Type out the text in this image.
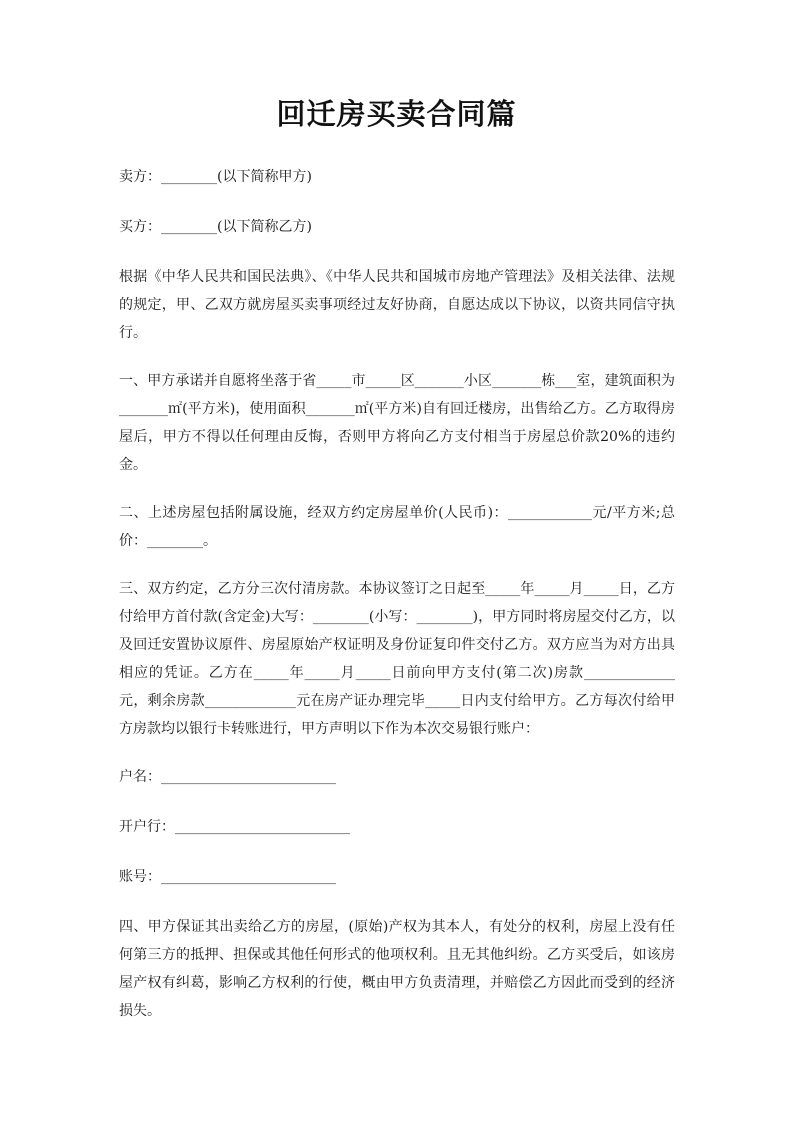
回迁房买卖合同篇

卖方：________(以下简称甲方)

买方：________(以下简称乙方)

根据《中华人民共和国民法典》、《中华人民共和国城市房地产管理法》及相关法律、法规的规定，甲、乙双方就房屋买卖事项经过友好协商，自愿达成以下协议，以资共同信守执行。

一、甲方承诺并自愿将坐落于省_____市_____区_______小区_______栋___室，建筑面积为_______㎡(平方米)，使用面积_______㎡(平方米)自有回迁楼房，出售给乙方。乙方取得房屋后，甲方不得以任何理由反悔，否则甲方将向乙方支付相当于房屋总价款20%的违约金。

二、上述房屋包括附属设施，经双方约定房屋单价(人民币)：____________元/平方米;总价：________。

三、双方约定，乙方分三次付清房款。本协议签订之日起至_____年_____月_____日，乙方付给甲方首付款(含定金)大写：________(小写：________)，甲方同时将房屋交付乙方，以及回迁安置协议原件、房屋原始产权证明及身份证复印件交付乙方。双方应当为对方出具相应的凭证。乙方在_____年_____月_____日前向甲方支付(第二次)房款_____________元，剩余房款_____________元在房产证办理完毕_____日内支付给甲方。乙方每次付给甲方房款均以银行卡转账进行，甲方声明以下作为本次交易银行账户：

户名：_________________________

开户行：_________________________

账号：_________________________

四、甲方保证其出卖给乙方的房屋，(原始)产权为其本人，有处分的权利，房屋上没有任何第三方的抵押、担保或其他任何形式的他项权利。且无其他纠纷。乙方买受后，如该房屋产权有纠葛，影响乙方权利的行使，概由甲方负责清理，并赔偿乙方因此而受到的经济损失。
